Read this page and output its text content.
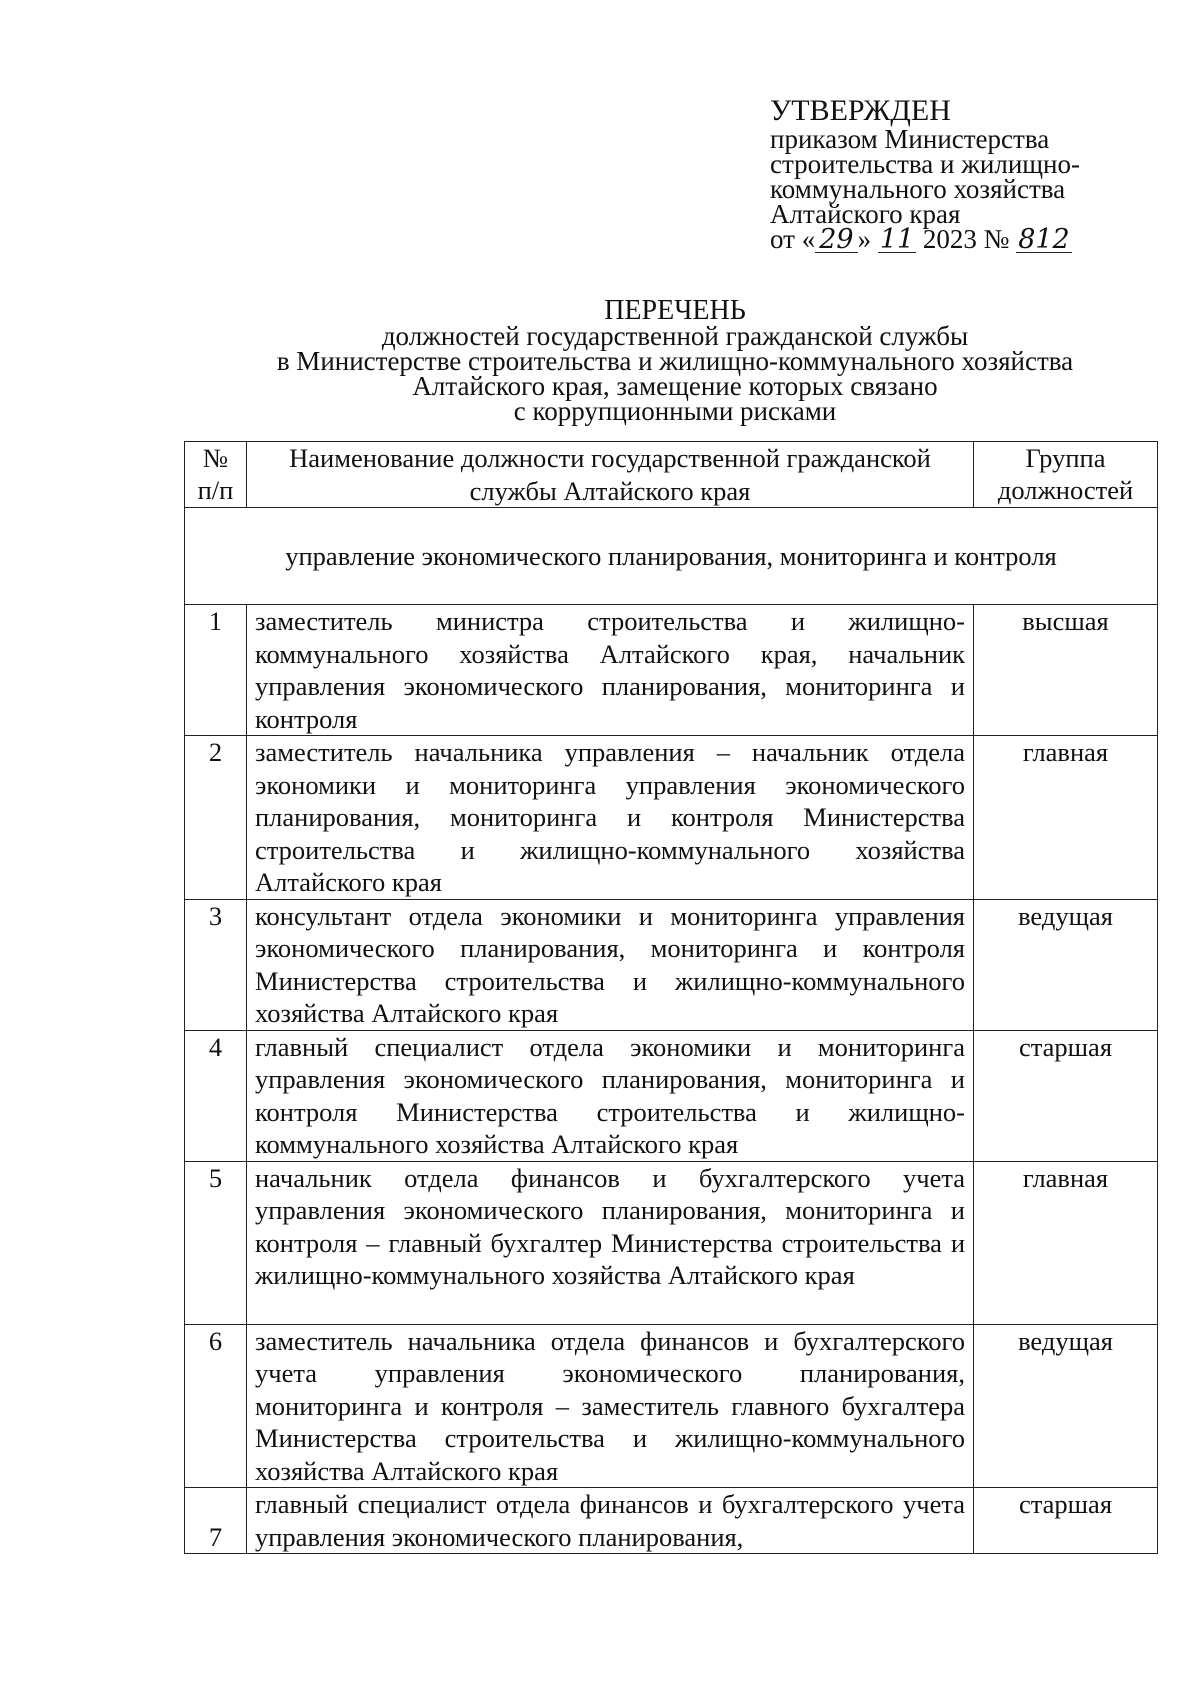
УТВЕРЖДЕН
приказом Министерства
строительства и жилищно-
коммунального хозяйства
Алтайского края
от « 29 » 11 2023 № 812
ПЕРЕЧЕНЬ
должностей государственной гражданской службы
в Министерстве строительства и жилищно-коммунального хозяйства
Алтайского края, замещение которых связано
с коррупционными рисками
№ п/п	Наименование должности государственной гражданской службы Алтайского края	Группа должностей
управление экономического планирования, мониторинга и контроля		
1	заместитель министра строительства и жилищно-коммунального хозяйства Алтайского края, начальник управления экономического планирования, мониторинга и контроля	высшая
2	заместитель начальника управления – начальник отдела экономики и мониторинга управления экономического планирования, мониторинга и контроля Министерства строительства и жилищно-коммунального хозяйства Алтайского края	главная
3	консультант отдела экономики и мониторинга управления экономического планирования, мониторинга и контроля Министерства строительства и жилищно-коммунального хозяйства Алтайского края	ведущая
4	главный специалист отдела экономики и мониторинга управления экономического планирования, мониторинга и контроля Министерства строительства и жилищно-коммунального хозяйства Алтайского края	старшая
5	начальник отдела финансов и бухгалтерского учета управления экономического планирования, мониторинга и контроля – главный бухгалтер Министерства строительства и жилищно-коммунального хозяйства Алтайского края	главная
6	заместитель начальника отдела финансов и бухгалтерского учета управления экономического планирования, мониторинга и контроля – заместитель главного бухгалтера Министерства строительства и жилищно-коммунального хозяйства Алтайского края	ведущая
7	главный специалист отдела финансов и бухгалтерского учета управления экономического планирования,	старшая
